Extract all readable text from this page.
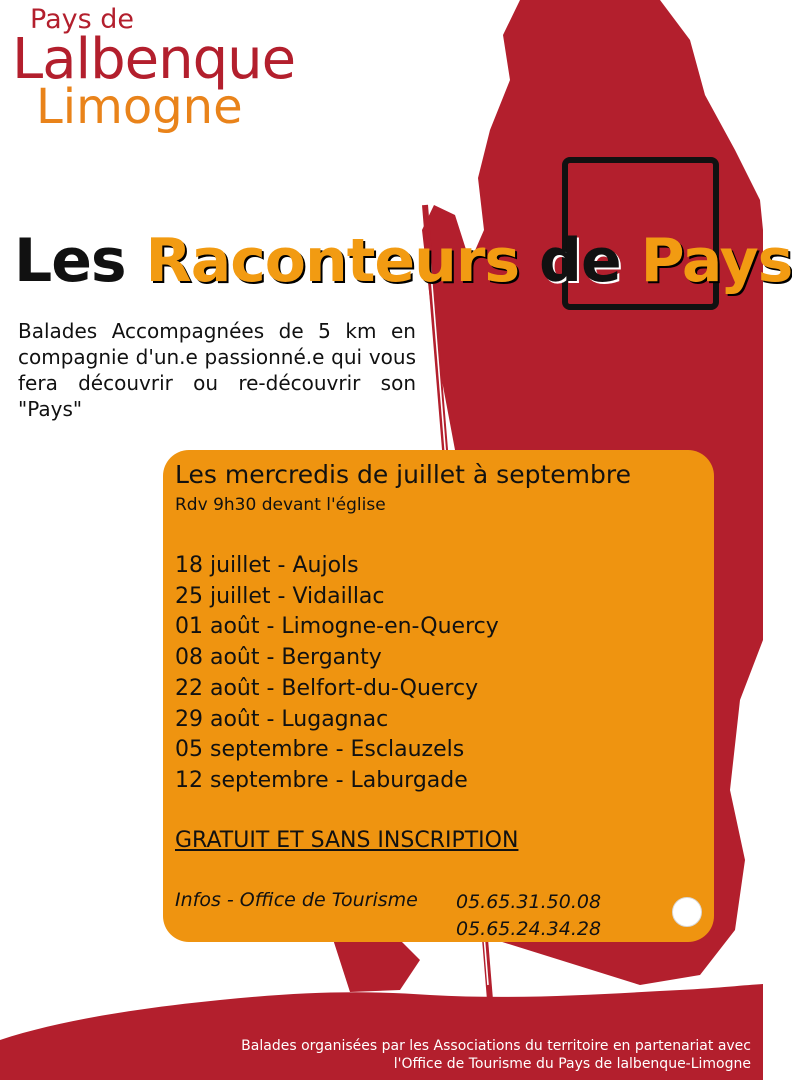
Pays de
Lalbenque
Limogne
Les Raconteurs de Pays
Balades Accompagnées de 5 km en compagnie d'un.e passionné.e qui vous fera découvrir ou re-découvrir son "Pays"
Les mercredis de juillet à septembre
Rdv 9h30 devant l'église
18 juillet - Aujols
25 juillet - Vidaillac
01 août - Limogne-en-Quercy
08 août - Berganty
22 août - Belfort-du-Quercy
29 août - Lugagnac
05 septembre - Esclauzels
12 septembre - Laburgade
GRATUIT ET SANS INSCRIPTION
Infos - Office de Tourisme 05.65.31.50.08
05.65.24.34.28
Balades organisées par les Associations du territoire en partenariat avec
l'Office de Tourisme du Pays de lalbenque-Limogne
